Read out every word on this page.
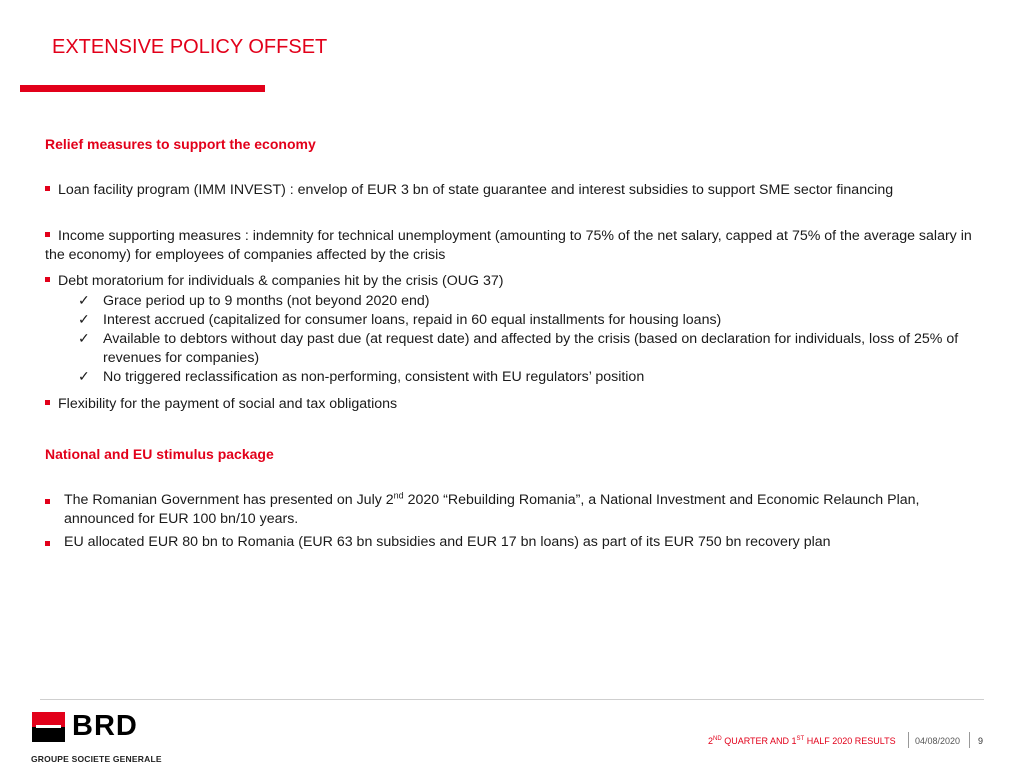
EXTENSIVE POLICY OFFSET
Relief measures to support the economy
Loan facility program (IMM INVEST) : envelop of EUR 3 bn of state guarantee and interest subsidies to support SME sector financing
Income supporting measures : indemnity for technical unemployment (amounting to 75% of the net salary, capped at 75% of the average salary in the economy) for employees of companies affected by the crisis
Debt moratorium for individuals & companies hit by the crisis (OUG 37)
✓ Grace period up to 9 months (not beyond 2020 end)
✓ Interest accrued (capitalized for consumer loans, repaid in 60 equal installments for housing loans)
✓ Available to debtors without day past due (at request date) and affected by the crisis (based on declaration for individuals, loss of 25% of revenues for companies)
✓ No triggered reclassification as non-performing, consistent with EU regulators’ position
Flexibility for the payment of social and tax obligations
National and EU stimulus package
The Romanian Government has presented on July 2nd 2020 “Rebuilding Romania”, a National Investment and Economic Relaunch Plan, announced for EUR 100 bn/10 years.
EU allocated EUR 80 bn to Romania (EUR 63 bn subsidies and EUR 17 bn loans) as part of its EUR 750 bn recovery plan
BRD
GROUPE SOCIETE GENERALE
2ND QUARTER AND 1ST HALF 2020 RESULTS 04/08/2020 9
